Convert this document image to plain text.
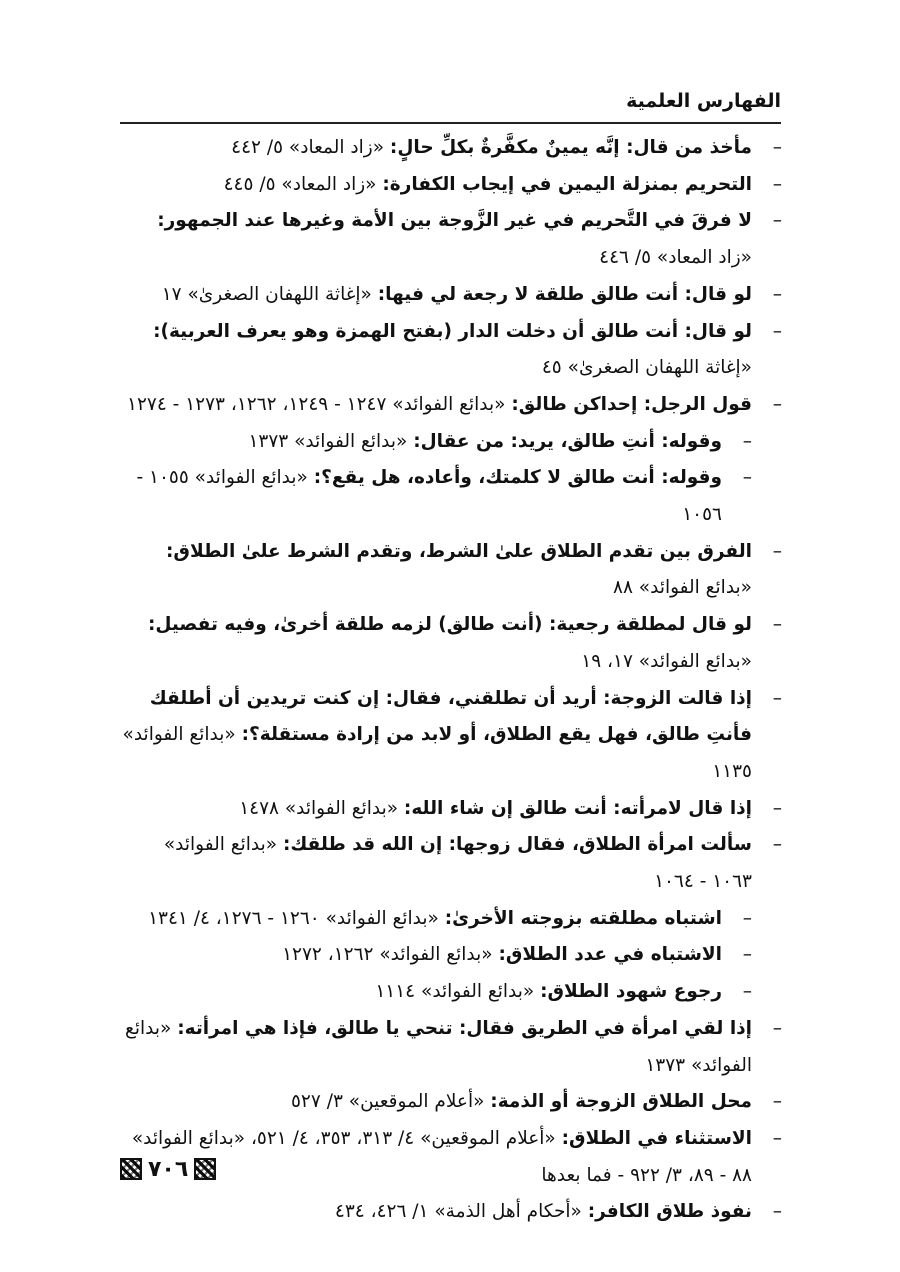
الفهارس العلمية
–
مأخذ من قال: إنَّه يمينٌ مكفَّرةٌ بكلِّ حالٍ: «زاد المعاد» ٥/ ٤٤٢
–
التحريم بمنزلة اليمين في إيجاب الكفارة: «زاد المعاد» ٥/ ٤٤٥
–
لا فرقَ في التَّحريم في غير الزَّوجة بين الأمة وغيرها عند الجمهور: «زاد المعاد» ٥/ ٤٤٦
–
لو قال: أنت طالق طلقة لا رجعة لي فيها: «إغاثة اللهفان الصغرىٰ» ١٧
–
لو قال: أنت طالق أن دخلت الدار (بفتح الهمزة وهو يعرف العربية): «إغاثة اللهفان الصغرىٰ» ٤٥
–
قول الرجل: إحداكن طالق: «بدائع الفوائد» ١٢٤٧ - ١٢٤٩، ١٢٦٢، ١٢٧٣ - ١٢٧٤
–
وقوله: أنتِ طالق، يريد: من عقال: «بدائع الفوائد» ١٣٧٣
–
وقوله: أنت طالق لا كلمتك، وأعاده، هل يقع؟: «بدائع الفوائد» ١٠٥٥ - ١٠٥٦
–
الفرق بين تقدم الطلاق علىٰ الشرط، وتقدم الشرط علىٰ الطلاق: «بدائع الفوائد» ٨٨
–
لو قال لمطلقة رجعية: (أنت طالق) لزمه طلقة أخرىٰ، وفيه تفصيل: «بدائع الفوائد» ١٧، ١٩
–
إذا قالت الزوجة: أريد أن تطلقني، فقال: إن كنت تريدين أن أطلقك فأنتِ طالق، فهل يقع الطلاق، أو لابد من إرادة مستقلة؟: «بدائع الفوائد» ١١٣٥
–
إذا قال لامرأته: أنت طالق إن شاء الله: «بدائع الفوائد» ١٤٧٨
–
سألت امرأة الطلاق، فقال زوجها: إن الله قد طلقك: «بدائع الفوائد» ١٠٦٣ - ١٠٦٤
–
اشتباه مطلقته بزوجته الأخرىٰ: «بدائع الفوائد» ١٢٦٠ - ١٢٧٦، ٤/ ١٣٤١
–
الاشتباه في عدد الطلاق: «بدائع الفوائد» ١٢٦٢، ١٢٧٢
–
رجوع شهود الطلاق: «بدائع الفوائد» ١١١٤
–
إذا لقي امرأة في الطريق فقال: تنحي يا طالق، فإذا هي امرأته: «بدائع الفوائد» ١٣٧٣
–
محل الطلاق الزوجة أو الذمة: «أعلام الموقعين» ٣/ ٥٢٧
–
الاستثناء في الطلاق: «أعلام الموقعين» ٤/ ٣١٣، ٣٥٣، ٤/ ٥٢١، «بدائع الفوائد» ٨٨ - ٨٩، ٣/ ٩٢٢ - فما بعدها
–
نفوذ طلاق الكافر: «أحكام أهل الذمة» ١/ ٤٢٦، ٤٣٤
٧٠٦
